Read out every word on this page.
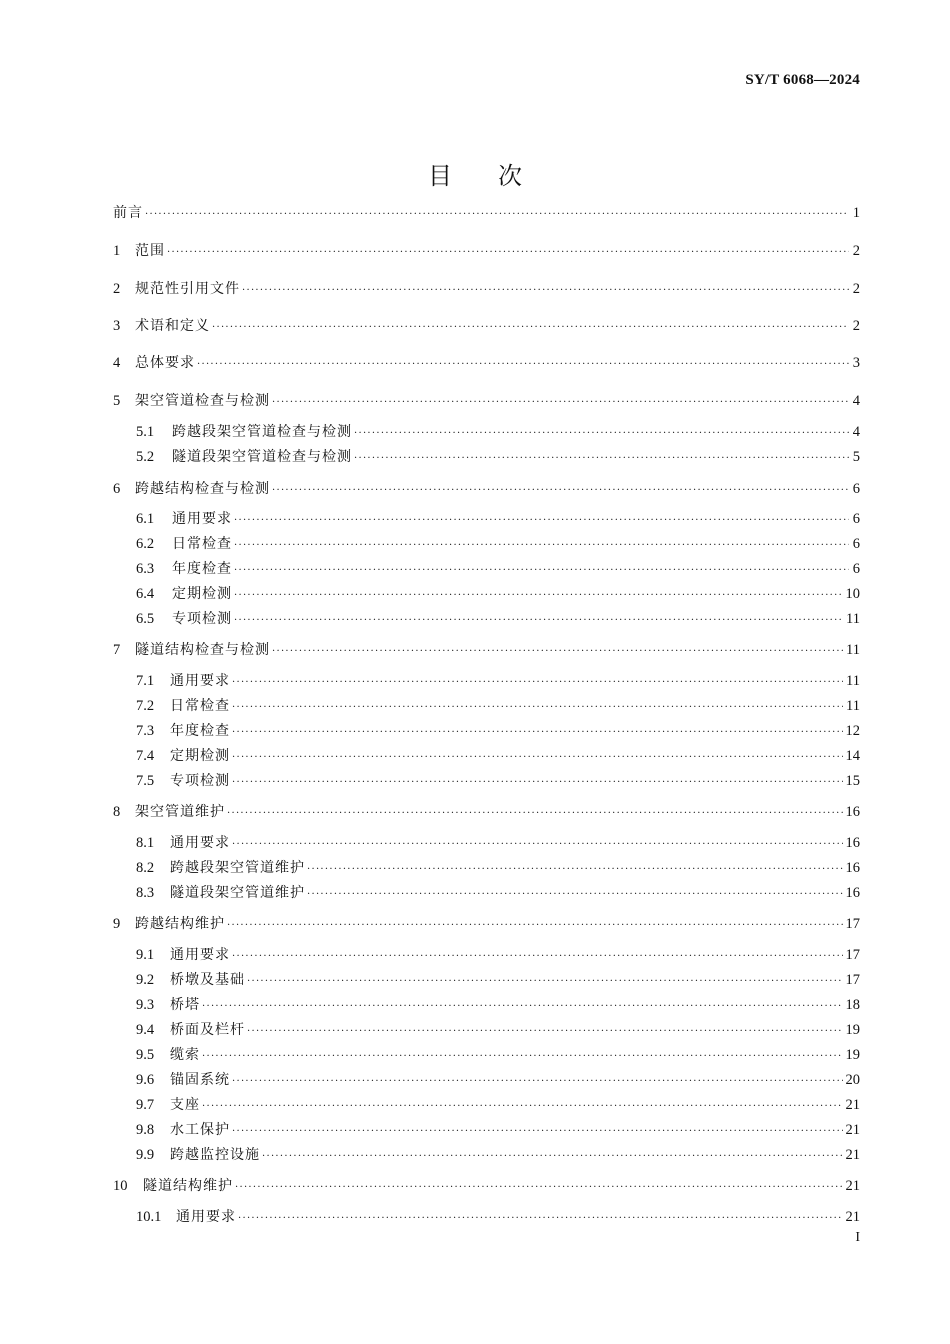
SY/T 6068—2024
目次
前言 ·····	1
1	范围 ·····	2
2	规范性引用文件 ·····	2
3	术语和定义 ·····	2
4	总体要求 ·····	3
5	架空管道检查与检测 ·····	4
5.1	跨越段架空管道检查与检测 ·····	4
5.2	隧道段架空管道检查与检测 ·····	5
6	跨越结构检查与检测 ·····	6
6.1	通用要求 ·····	6
6.2	日常检查 ·····	6
6.3	年度检查 ·····	6
6.4	定期检测 ·····	10
6.5	专项检测 ·····	11
7	隧道结构检查与检测 ·····	11
7.1	通用要求 ·····	11
7.2	日常检查 ·····	11
7.3	年度检查 ·····	12
7.4	定期检测 ·····	14
7.5	专项检测 ·····	15
8	架空管道维护 ·····	16
8.1	通用要求 ·····	16
8.2	跨越段架空管道维护 ·····	16
8.3	隧道段架空管道维护 ·····	16
9	跨越结构维护 ·····	17
9.1	通用要求 ·····	17
9.2	桥墩及基础 ·····	17
9.3	桥塔 ·····	18
9.4	桥面及栏杆 ·····	19
9.5	缆索 ·····	19
9.6	锚固系统 ·····	20
9.7	支座 ·····	21
9.8	水工保护 ·····	21
9.9	跨越监控设施 ·····	21
10	隧道结构维护 ·····	21
10.1	通用要求 ·····	21
I
